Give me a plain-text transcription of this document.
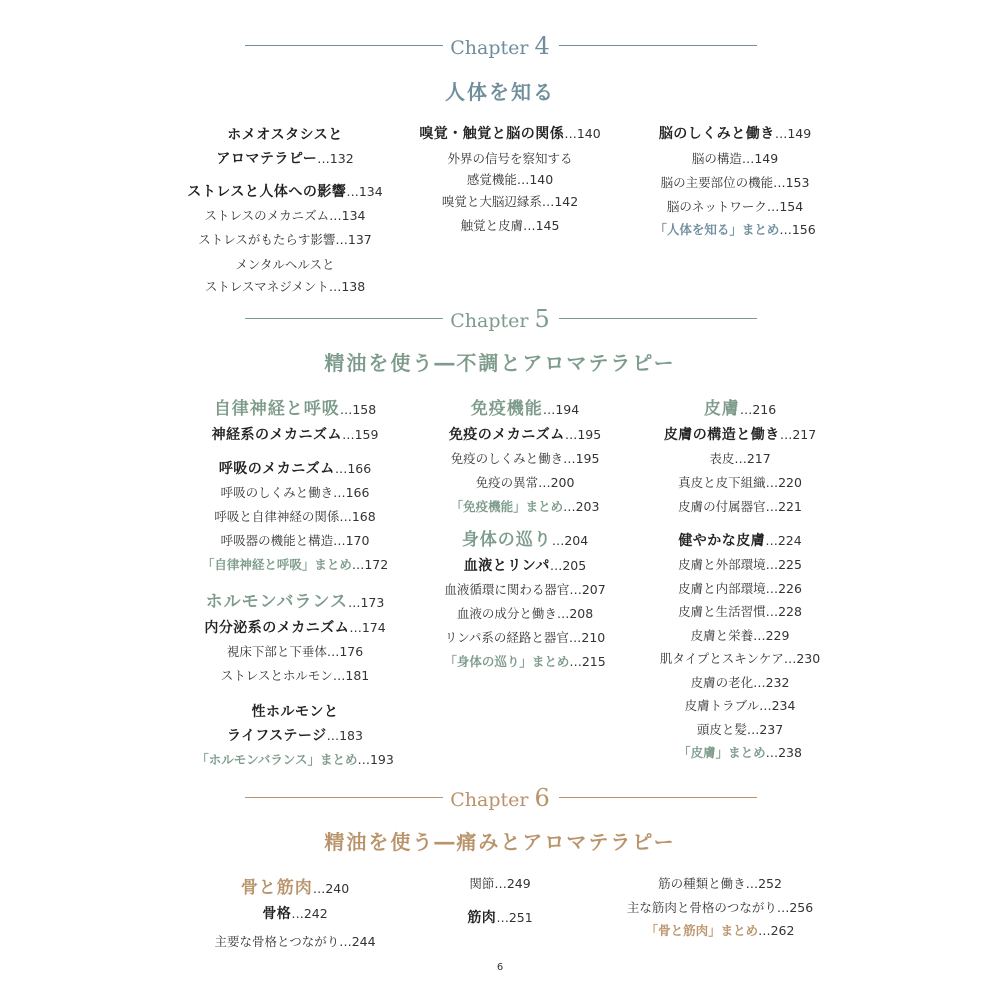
Chapter 4
人体を知る
ホメオスタシスと
アロマテラピー…132
ストレスと人体への影響…134
ストレスのメカニズム…134
ストレスがもたらす影響…137
メンタルヘルスと
ストレスマネジメント…138
嗅覚・触覚と脳の関係…140
外界の信号を察知する
感覚機能…140
嗅覚と大脳辺縁系…142
触覚と皮膚…145
脳のしくみと働き…149
脳の構造…149
脳の主要部位の機能…153
脳のネットワーク…154
「人体を知る」まとめ…156
Chapter 5
精油を使う―不調とアロマテラピー
自律神経と呼吸…158
神経系のメカニズム…159
呼吸のメカニズム…166
呼吸のしくみと働き…166
呼吸と自律神経の関係…168
呼吸器の機能と構造…170
「自律神経と呼吸」まとめ…172
ホルモンバランス…173
内分泌系のメカニズム…174
視床下部と下垂体…176
ストレスとホルモン…181
性ホルモンと
ライフステージ…183
「ホルモンバランス」まとめ…193
免疫機能…194
免疫のメカニズム…195
免疫のしくみと働き…195
免疫の異常…200
「免疫機能」まとめ…203
身体の巡り…204
血液とリンパ…205
血液循環に関わる器官…207
血液の成分と働き…208
リンパ系の経路と器官…210
「身体の巡り」まとめ…215
皮膚…216
皮膚の構造と働き…217
表皮…217
真皮と皮下組織…220
皮膚の付属器官…221
健やかな皮膚…224
皮膚と外部環境…225
皮膚と内部環境…226
皮膚と生活習慣…228
皮膚と栄養…229
肌タイプとスキンケア…230
皮膚の老化…232
皮膚トラブル…234
頭皮と髪…237
「皮膚」まとめ…238
Chapter 6
精油を使う―痛みとアロマテラピー
骨と筋肉…240
骨格…242
主要な骨格とつながり…244
関節…249
筋肉…251
筋の種類と働き…252
主な筋肉と骨格のつながり…256
「骨と筋肉」まとめ…262
6
